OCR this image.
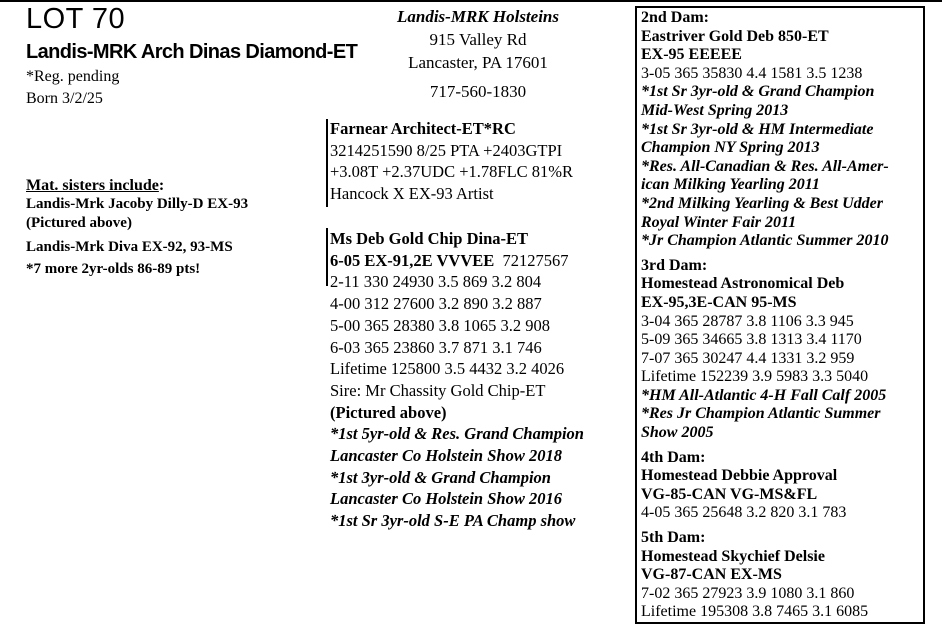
LOT 70
Landis-MRK Arch Dinas Diamond-ET
*Reg. pending
Born 3/2/25
Mat. sisters include:
Landis-Mrk Jacoby Dilly-D EX-93
(Pictured above)
Landis-Mrk Diva EX-92, 93-MS
*7 more 2yr-olds 86-89 pts!
Landis-MRK Holsteins
915 Valley Rd
Lancaster, PA 17601
717-560-1830
Farnear Architect-ET*RC
3214251590 8/25 PTA +2403GTPI
+3.08T +2.37UDC +1.78FLC 81%R
Hancock X EX-93 Artist
Ms Deb Gold Chip Dina-ET
6-05 EX-91,2E VVVEE 72127567
2-11 330 24930 3.5 869 3.2 804
4-00 312 27600 3.2 890 3.2 887
5-00 365 28380 3.8 1065 3.2 908
6-03 365 23860 3.7 871 3.1 746
Lifetime 125800 3.5 4432 3.2 4026
Sire: Mr Chassity Gold Chip-ET
(Pictured above)
*1st 5yr-old & Res. Grand Champion
Lancaster Co Holstein Show 2018
*1st 3yr-old & Grand Champion
Lancaster Co Holstein Show 2016
*1st Sr 3yr-old S-E PA Champ show
2nd Dam:
Eastriver Gold Deb 850-ET
EX-95 EEEEE
3-05 365 35830 4.4 1581 3.5 1238
*1st Sr 3yr-old & Grand Champion
Mid-West Spring 2013
*1st Sr 3yr-old & HM Intermediate
Champion NY Spring 2013
*Res. All-Canadian & Res. All-Amer-
ican Milking Yearling 2011
*2nd Milking Yearling & Best Udder
Royal Winter Fair 2011
*Jr Champion Atlantic Summer 2010
3rd Dam:
Homestead Astronomical Deb
EX-95,3E-CAN 95-MS
3-04 365 28787 3.8 1106 3.3 945
5-09 365 34665 3.8 1313 3.4 1170
7-07 365 30247 4.4 1331 3.2 959
Lifetime 152239 3.9 5983 3.3 5040
*HM All-Atlantic 4-H Fall Calf 2005
*Res Jr Champion Atlantic Summer
Show 2005
4th Dam:
Homestead Debbie Approval
VG-85-CAN VG-MS&FL
4-05 365 25648 3.2 820 3.1 783
5th Dam:
Homestead Skychief Delsie
VG-87-CAN EX-MS
7-02 365 27923 3.9 1080 3.1 860
Lifetime 195308 3.8 7465 3.1 6085
